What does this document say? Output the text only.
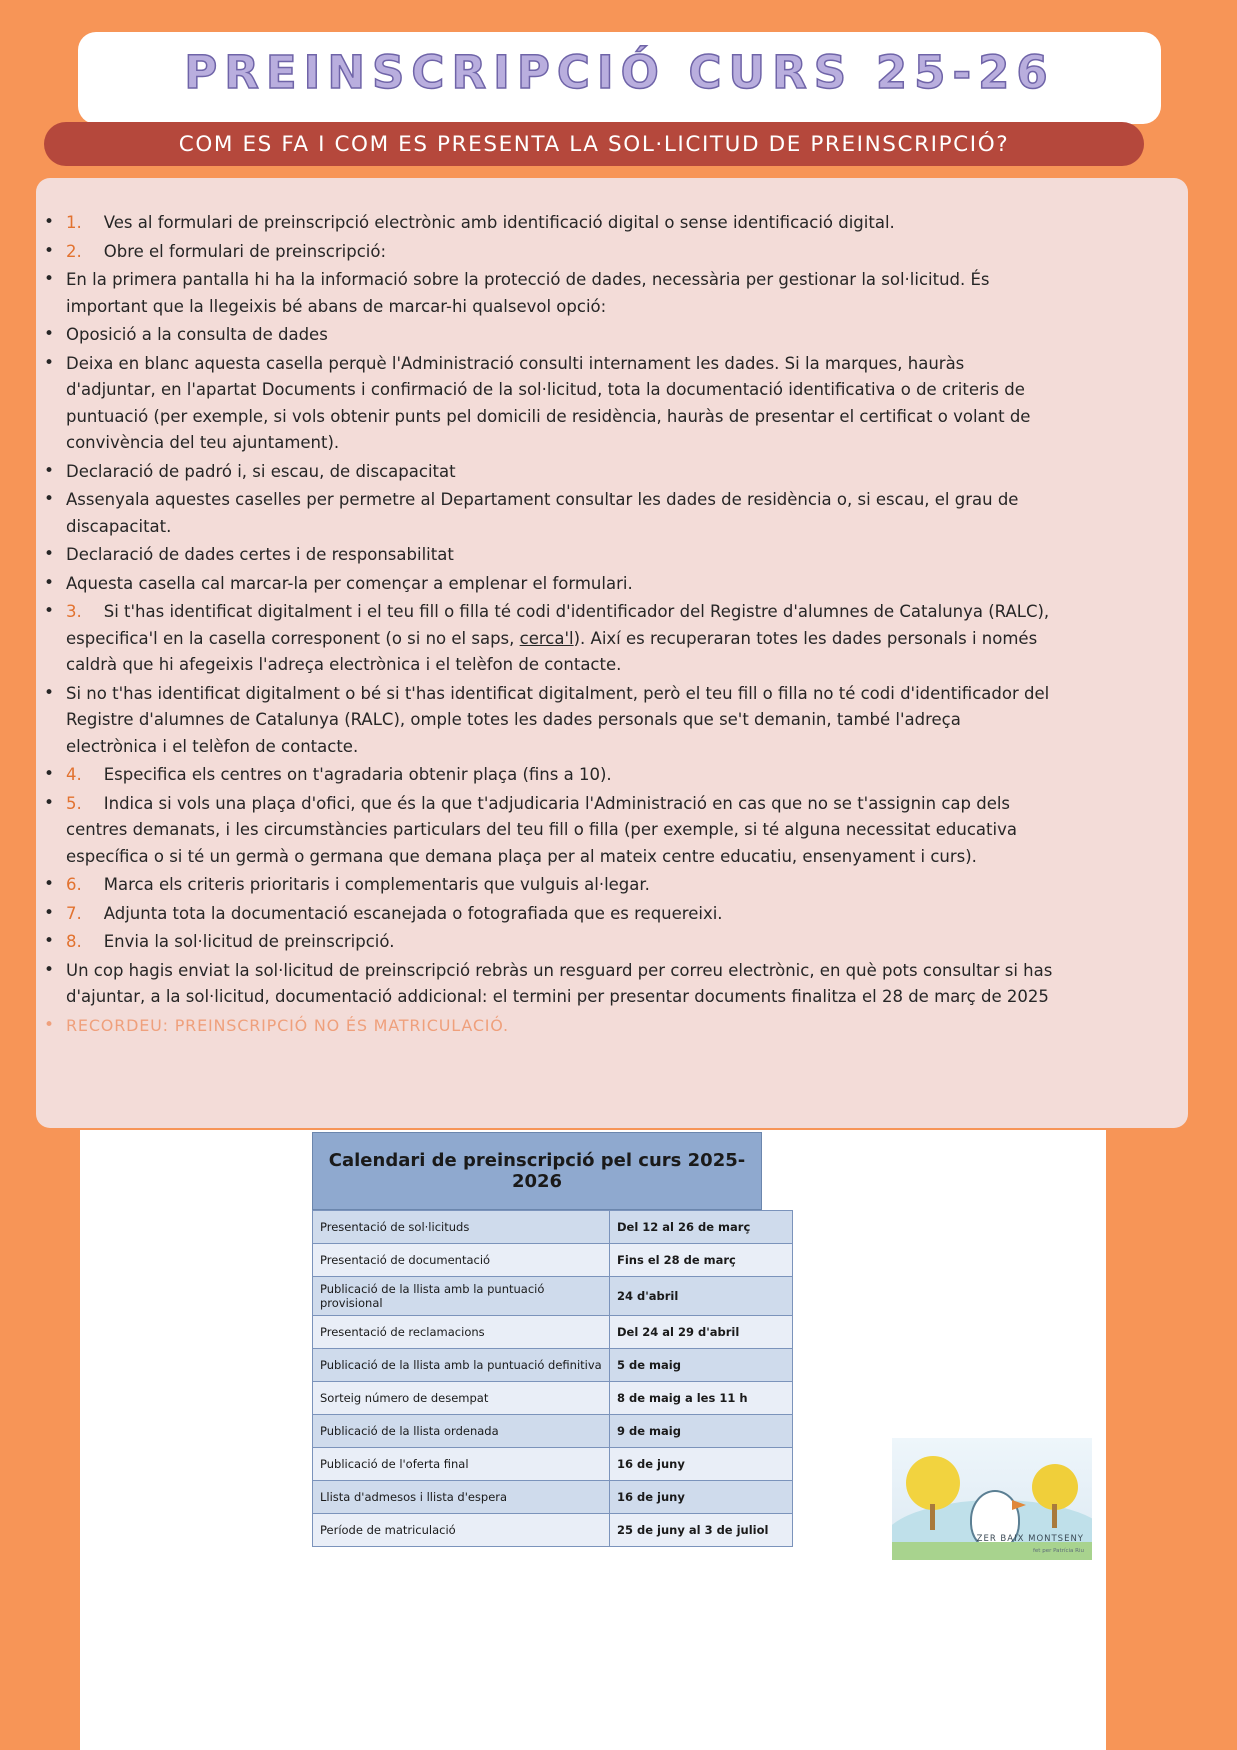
PREINSCRIPCIÓ CURS 25-26
COM ES FA I COM ES PRESENTA LA SOL·LICITUD DE PREINSCRIPCIÓ?
• 1. Ves al formulari de preinscripció electrònic amb identificació digital o sense identificació digital.
• 2. Obre el formulari de preinscripció:
• En la primera pantalla hi ha la informació sobre la protecció de dades, necessària per gestionar la sol·licitud. És important que la llegeixis bé abans de marcar-hi qualsevol opció:
• Oposició a la consulta de dades
• Deixa en blanc aquesta casella perquè l'Administració consulti internament les dades. Si la marques, hauràs d'adjuntar, en l'apartat Documents i confirmació de la sol·licitud, tota la documentació identificativa o de criteris de puntuació (per exemple, si vols obtenir punts pel domicili de residència, hauràs de presentar el certificat o volant de convivència del teu ajuntament).
• Declaració de padró i, si escau, de discapacitat
• Assenyala aquestes caselles per permetre al Departament consultar les dades de residència o, si escau, el grau de discapacitat.
• Declaració de dades certes i de responsabilitat
• Aquesta casella cal marcar-la per començar a emplenar el formulari.
• 3. Si t'has identificat digitalment i el teu fill o filla té codi d'identificador del Registre d'alumnes de Catalunya (RALC), especifica'l en la casella corresponent (o si no el saps, cerca'l). Així es recuperaran totes les dades personals i només caldrà que hi afegeixis l'adreça electrònica i el telèfon de contacte.
• Si no t'has identificat digitalment o bé si t'has identificat digitalment, però el teu fill o filla no té codi d'identificador del Registre d'alumnes de Catalunya (RALC), omple totes les dades personals que se't demanin, també l'adreça electrònica i el telèfon de contacte.
• 4. Especifica els centres on t'agradaria obtenir plaça (fins a 10).
• 5. Indica si vols una plaça d'ofici, que és la que t'adjudicaria l'Administració en cas que no se t'assignin cap dels centres demanats, i les circumstàncies particulars del teu fill o filla (per exemple, si té alguna necessitat educativa específica o si té un germà o germana que demana plaça per al mateix centre educatiu, ensenyament i curs).
• 6. Marca els criteris prioritaris i complementaris que vulguis al·legar.
• 7. Adjunta tota la documentació escanejada o fotografiada que es requereixi.
• 8. Envia la sol·licitud de preinscripció.
• Un cop hagis enviat la sol·licitud de preinscripció rebràs un resguard per correu electrònic, en què pots consultar si has d'ajuntar, a la sol·licitud, documentació addicional: el termini per presentar documents finalitza el 28 de març de 2025
• RECORDEU: PREINSCRIPCIÓ NO ÉS MATRICULACIÓ.
Calendari de preinscripció pel curs 2025-2026
Presentació de sol·licituds	Del 12 al 26 de març
Presentació de documentació	Fins el 28 de març
Publicació de la llista amb la puntuació provisional	24 d'abril
Presentació de reclamacions	Del 24 al 29 d'abril
Publicació de la llista amb la puntuació definitiva	5 de maig
Sorteig número de desempat	8 de maig a les 11 h
Publicació de la llista ordenada	9 de maig
Publicació de l'oferta final	16 de juny
Llista d'admesos i llista d'espera	16 de juny
Període de matriculació	25 de juny al 3 de juliol
ZER BAIX MONTSENY
fet per Patrícia Riu
